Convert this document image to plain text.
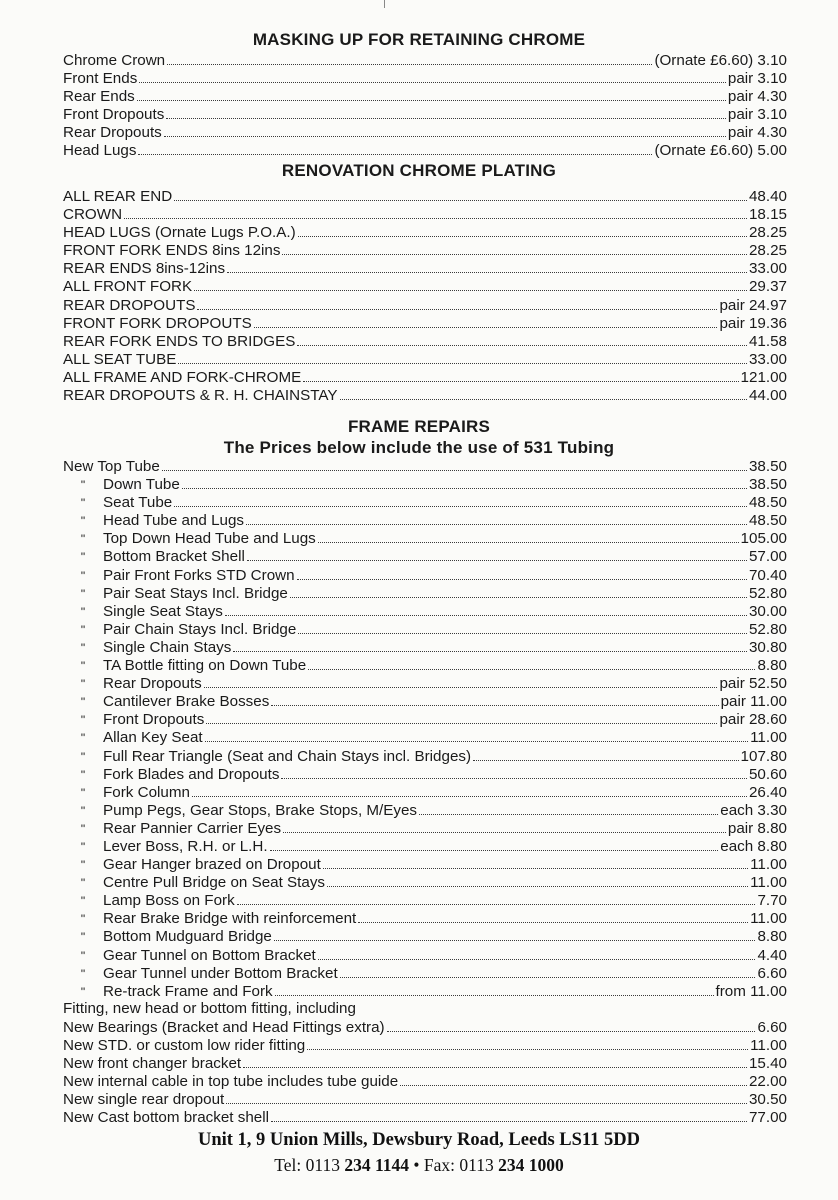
MASKING UP FOR RETAINING CHROME
Chrome Crown	(Ornate £6.60) 3.10
Front Ends	pair 3.10
Rear Ends	pair 4.30
Front Dropouts	pair 3.10
Rear Dropouts	pair 4.30
Head Lugs	(Ornate £6.60) 5.00
RENOVATION CHROME PLATING
ALL REAR END	48.40
CROWN	18.15
HEAD LUGS (Ornate Lugs P.O.A.)	28.25
FRONT FORK ENDS 8ins 12ins	28.25
REAR ENDS 8ins-12ins	33.00
ALL FRONT FORK	29.37
REAR DROPOUTS	pair 24.97
FRONT FORK DROPOUTS	pair 19.36
REAR FORK ENDS TO BRIDGES	41.58
ALL SEAT TUBE	33.00
ALL FRAME AND FORK-CHROME	121.00
REAR DROPOUTS & R. H. CHAINSTAY	44.00
FRAME REPAIRS
The Prices below include the use of 531 Tubing
New Top Tube	38.50
"	Down Tube	38.50
"	Seat Tube	48.50
"	Head Tube and Lugs	48.50
"	Top Down Head Tube and Lugs	105.00
"	Bottom Bracket Shell	57.00
"	Pair Front Forks STD Crown	70.40
"	Pair Seat Stays Incl. Bridge	52.80
"	Single Seat Stays	30.00
"	Pair Chain Stays Incl. Bridge	52.80
"	Single Chain Stays	30.80
"	TA Bottle fitting on Down Tube	8.80
"	Rear Dropouts	pair 52.50
"	Cantilever Brake Bosses	pair 11.00
"	Front Dropouts	pair 28.60
"	Allan Key Seat	11.00
"	Full Rear Triangle (Seat and Chain Stays incl. Bridges)	107.80
"	Fork Blades and Dropouts	50.60
"	Fork Column	26.40
"	Pump Pegs, Gear Stops, Brake Stops, M/Eyes	each 3.30
"	Rear Pannier Carrier Eyes	pair 8.80
"	Lever Boss, R.H. or L.H.	each 8.80
"	Gear Hanger brazed on Dropout	11.00
"	Centre Pull Bridge on Seat Stays	11.00
"	Lamp Boss on Fork	7.70
"	Rear Brake Bridge with reinforcement	11.00
"	Bottom Mudguard Bridge	8.80
"	Gear Tunnel on Bottom Bracket	4.40
"	Gear Tunnel under Bottom Bracket	6.60
"	Re-track Frame and Fork	from 11.00
Fitting, new head or bottom fitting, including
New Bearings (Bracket and Head Fittings extra)	6.60
New STD. or custom low rider fitting	11.00
New front changer bracket	15.40
New internal cable in top tube includes tube guide	22.00
New single rear dropout	30.50
New Cast bottom bracket shell	77.00
Unit 1, 9 Union Mills, Dewsbury Road, Leeds LS11 5DD
Tel: 0113 234 1144 • Fax: 0113 234 1000
